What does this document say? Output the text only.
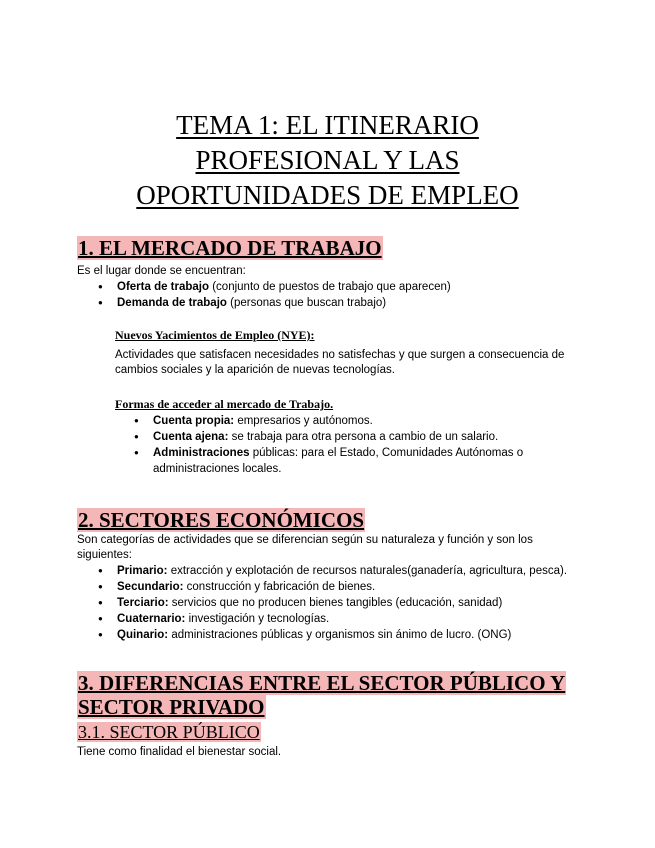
TEMA 1: EL ITINERARIO
PROFESIONAL Y LAS
OPORTUNIDADES DE EMPLEO
1. EL MERCADO DE TRABAJO
Es el lugar donde se encuentran:
● Oferta de trabajo (conjunto de puestos de trabajo que aparecen)
● Demanda de trabajo (personas que buscan trabajo)
Nuevos Yacimientos de Empleo (NYE):
Actividades que satisfacen necesidades no satisfechas y que surgen a consecuencia de
cambios sociales y la aparición de nuevas tecnologías.
Formas de acceder al mercado de Trabajo.
● Cuenta propia: empresarios y autónomos.
● Cuenta ajena: se trabaja para otra persona a cambio de un salario.
● Administraciones públicas: para el Estado, Comunidades Autónomas o
administraciones locales.
2. SECTORES ECONÓMICOS
Son categorías de actividades que se diferencian según su naturaleza y función y son los
siguientes:
● Primario: extracción y explotación de recursos naturales(ganadería, agricultura, pesca).
● Secundario: construcción y fabricación de bienes.
● Terciario: servicios que no producen bienes tangibles (educación, sanidad)
● Cuaternario: investigación y tecnologías.
● Quinario: administraciones públicas y organismos sin ánimo de lucro. (ONG)
3. DIFERENCIAS ENTRE EL SECTOR PÚBLICO Y
SECTOR PRIVADO
3.1. SECTOR PÚBLICO
Tiene como finalidad el bienestar social.
